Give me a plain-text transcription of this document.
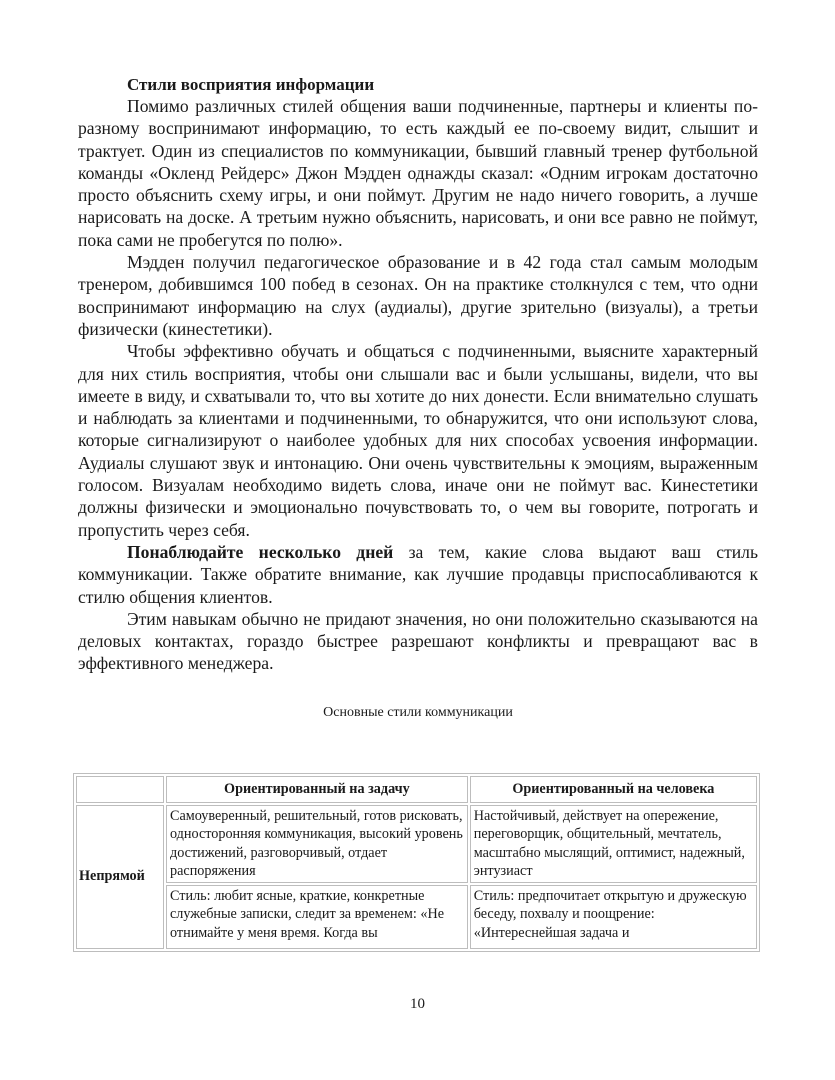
Стили восприятия информации

Помимо различных стилей общения ваши подчиненные, партнеры и клиенты по-разному воспринимают информацию, то есть каждый ее по-своему видит, слышит и трактует. Один из специалистов по коммуникации, бывший главный тренер футбольной команды «Окленд Рейдерс» Джон Мэдден однажды сказал: «Одним игрокам достаточно просто объяснить схему игры, и они поймут. Другим не надо ничего говорить, а лучше нарисовать на доске. А третьим нужно объяснить, нарисовать, и они все равно не поймут, пока сами не пробегутся по полю».

Мэдден получил педагогическое образование и в 42 года стал самым молодым тренером, добившимся 100 побед в сезонах. Он на практике столкнулся с тем, что одни воспринимают информацию на слух (аудиалы), другие зрительно (визуалы), а третьи физически (кинестетики).

Чтобы эффективно обучать и общаться с подчиненными, выясните характерный для них стиль восприятия, чтобы они слышали вас и были услышаны, видели, что вы имеете в виду, и схватывали то, что вы хотите до них донести. Если внимательно слушать и наблюдать за клиентами и подчиненными, то обнаружится, что они используют слова, которые сигнализируют о наиболее удобных для них способах усвоения информации. Аудиалы слушают звук и интонацию. Они очень чувствительны к эмоциям, выраженным голосом. Визуалам необходимо видеть слова, иначе они не поймут вас. Кинестетики должны физически и эмоционально почувствовать то, о чем вы говорите, потрогать и пропустить через себя.

Понаблюдайте несколько дней за тем, какие слова выдают ваш стиль коммуникации. Также обратите внимание, как лучшие продавцы приспосабливаются к стилю общения клиентов.

Этим навыкам обычно не придают значения, но они положительно сказываются на деловых контактах, гораздо быстрее разрешают конфликты и превращают вас в эффективного менеджера.

Основные стили коммуникации
	Ориентированный на задачу	Ориентированный на человека
Непрямой	Самоуверенный, решительный, готов рисковать, односторонняя коммуникация, высокий уровень достижений, разговорчивый, отдает распоряжения	Настойчивый, действует на опережение, переговорщик, общительный, мечтатель, масштабно мыслящий, оптимист, надежный, энтузиаст

	Стиль: любит ясные, краткие, конкретные служебные записки, следит за временем: «Не отнимайте у меня время. Когда вы	Стиль: предпочитает открытую и дружескую беседу, похвалу и поощрение: «Интереснейшая задача и
10
